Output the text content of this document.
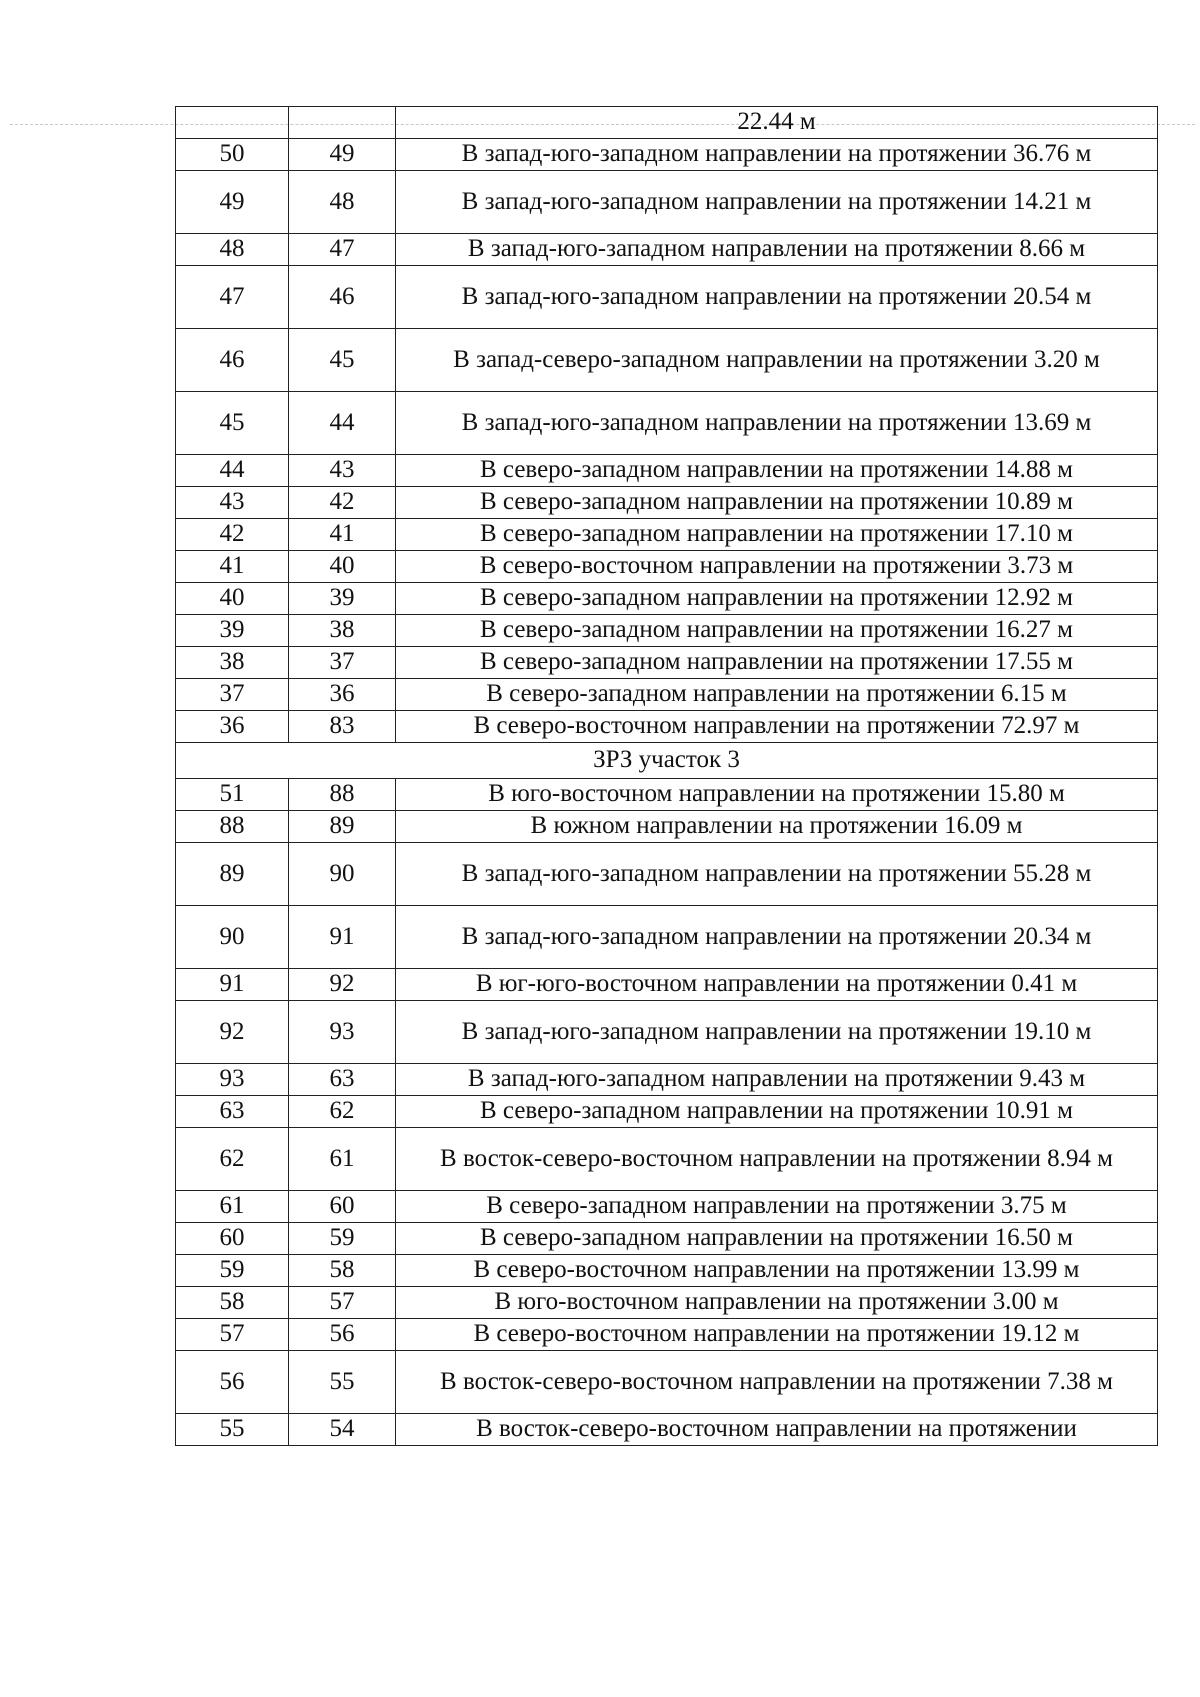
		22.44 м
50	49	В запад-юго-западном направлении на протяжении 36.76 м
49	48	В запад-юго-западном направлении на протяжении 14.21 м
48	47	В запад-юго-западном направлении на протяжении 8.66 м
47	46	В запад-юго-западном направлении на протяжении 20.54 м
46	45	В запад-северо-западном направлении на протяжении 3.20 м
45	44	В запад-юго-западном направлении на протяжении 13.69 м
44	43	В северо-западном направлении на протяжении 14.88 м
43	42	В северо-западном направлении на протяжении 10.89 м
42	41	В северо-западном направлении на протяжении 17.10 м
41	40	В северо-восточном направлении на протяжении 3.73 м
40	39	В северо-западном направлении на протяжении 12.92 м
39	38	В северо-западном направлении на протяжении 16.27 м
38	37	В северо-западном направлении на протяжении 17.55 м
37	36	В северо-западном направлении на протяжении 6.15 м
36	83	В северо-восточном направлении на протяжении 72.97 м
ЗРЗ участок 3		
51	88	В юго-восточном направлении на протяжении 15.80 м
88	89	В южном направлении на протяжении 16.09 м
89	90	В запад-юго-западном направлении на протяжении 55.28 м
90	91	В запад-юго-западном направлении на протяжении 20.34 м
91	92	В юг-юго-восточном направлении на протяжении 0.41 м
92	93	В запад-юго-западном направлении на протяжении 19.10 м
93	63	В запад-юго-западном направлении на протяжении 9.43 м
63	62	В северо-западном направлении на протяжении 10.91 м
62	61	В восток-северо-восточном направлении на протяжении 8.94 м
61	60	В северо-западном направлении на протяжении 3.75 м
60	59	В северо-западном направлении на протяжении 16.50 м
59	58	В северо-восточном направлении на протяжении 13.99 м
58	57	В юго-восточном направлении на протяжении 3.00 м
57	56	В северо-восточном направлении на протяжении 19.12 м
56	55	В восток-северо-восточном направлении на протяжении 7.38 м
55	54	В восток-северо-восточном направлении на протяжении
